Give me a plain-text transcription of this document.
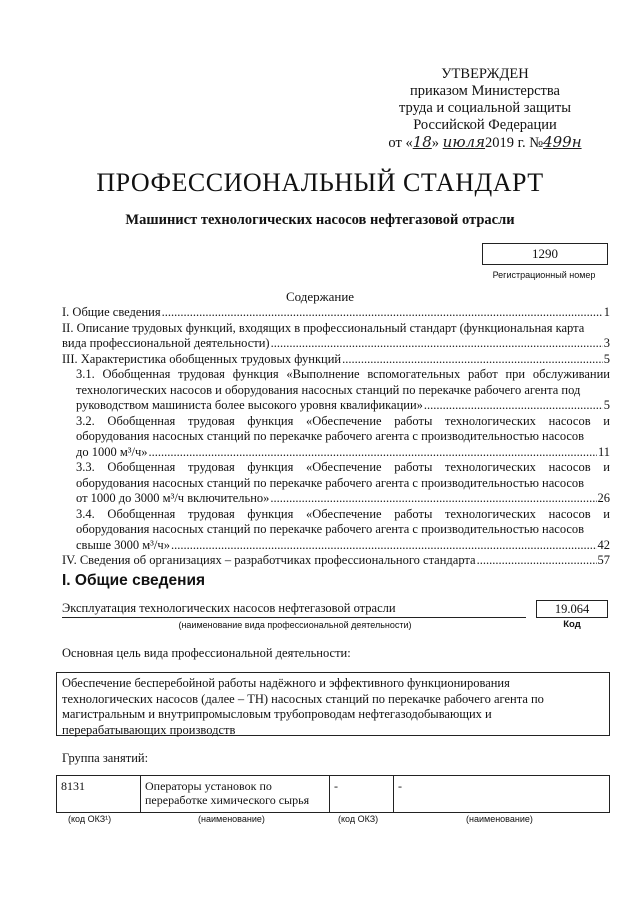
УТВЕРЖДЕН
приказом Министерства
труда и социальной защиты
Российской Федерации
от «18» июля2019 г. №499н
ПРОФЕССИОНАЛЬНЫЙ СТАНДАРТ
Машинист технологических насосов нефтегазовой отрасли
1290
Регистрационный номер
Содержание
I. Общие сведения .....	1
II. Описание трудовых функций, входящих в профессиональный стандарт (функциональная карта
вида профессиональной деятельности) .....	3
III. Характеристика обобщенных трудовых функций .....	5
3.1. Обобщенная трудовая функция «Выполнение вспомогательных работ при обслуживании технологических насосов и оборудования насосных станций по перекачке рабочего агента под
руководством машиниста более высокого уровня квалификации» .....	5
3.2. Обобщенная трудовая функция «Обеспечение работы технологических насосов и оборудования насосных станций по перекачке рабочего агента с производительностью насосов
до 1000 м³/ч» .....	11
3.3. Обобщенная трудовая функция «Обеспечение работы технологических насосов и оборудования насосных станций по перекачке рабочего агента с производительностью насосов
от 1000 до 3000 м³/ч включительно» .....	26
3.4. Обобщенная трудовая функция «Обеспечение работы технологических насосов и оборудования насосных станций по перекачке рабочего агента с производительностью насосов
свыше 3000 м³/ч» .....	42
IV. Сведения об организациях – разработчиках профессионального стандарта .....	57
I. Общие сведения
Эксплуатация технологических насосов нефтегазовой отрасли
(наименование вида профессиональной деятельности)
19.064
Код
Основная цель вида профессиональной деятельности:
Обеспечение бесперебойной работы надёжного и эффективного функционирования технологических насосов (далее – ТН) насосных станций по перекачке рабочего агента по магистральным и внутрипромысловым трубопроводам нефтегазодобывающих и перерабатывающих производств
Группа занятий:
8131	Операторы установок по переработке химического сырья	-	-
(код ОКЗ¹)	(наименование)	(код ОКЗ)	(наименование)
